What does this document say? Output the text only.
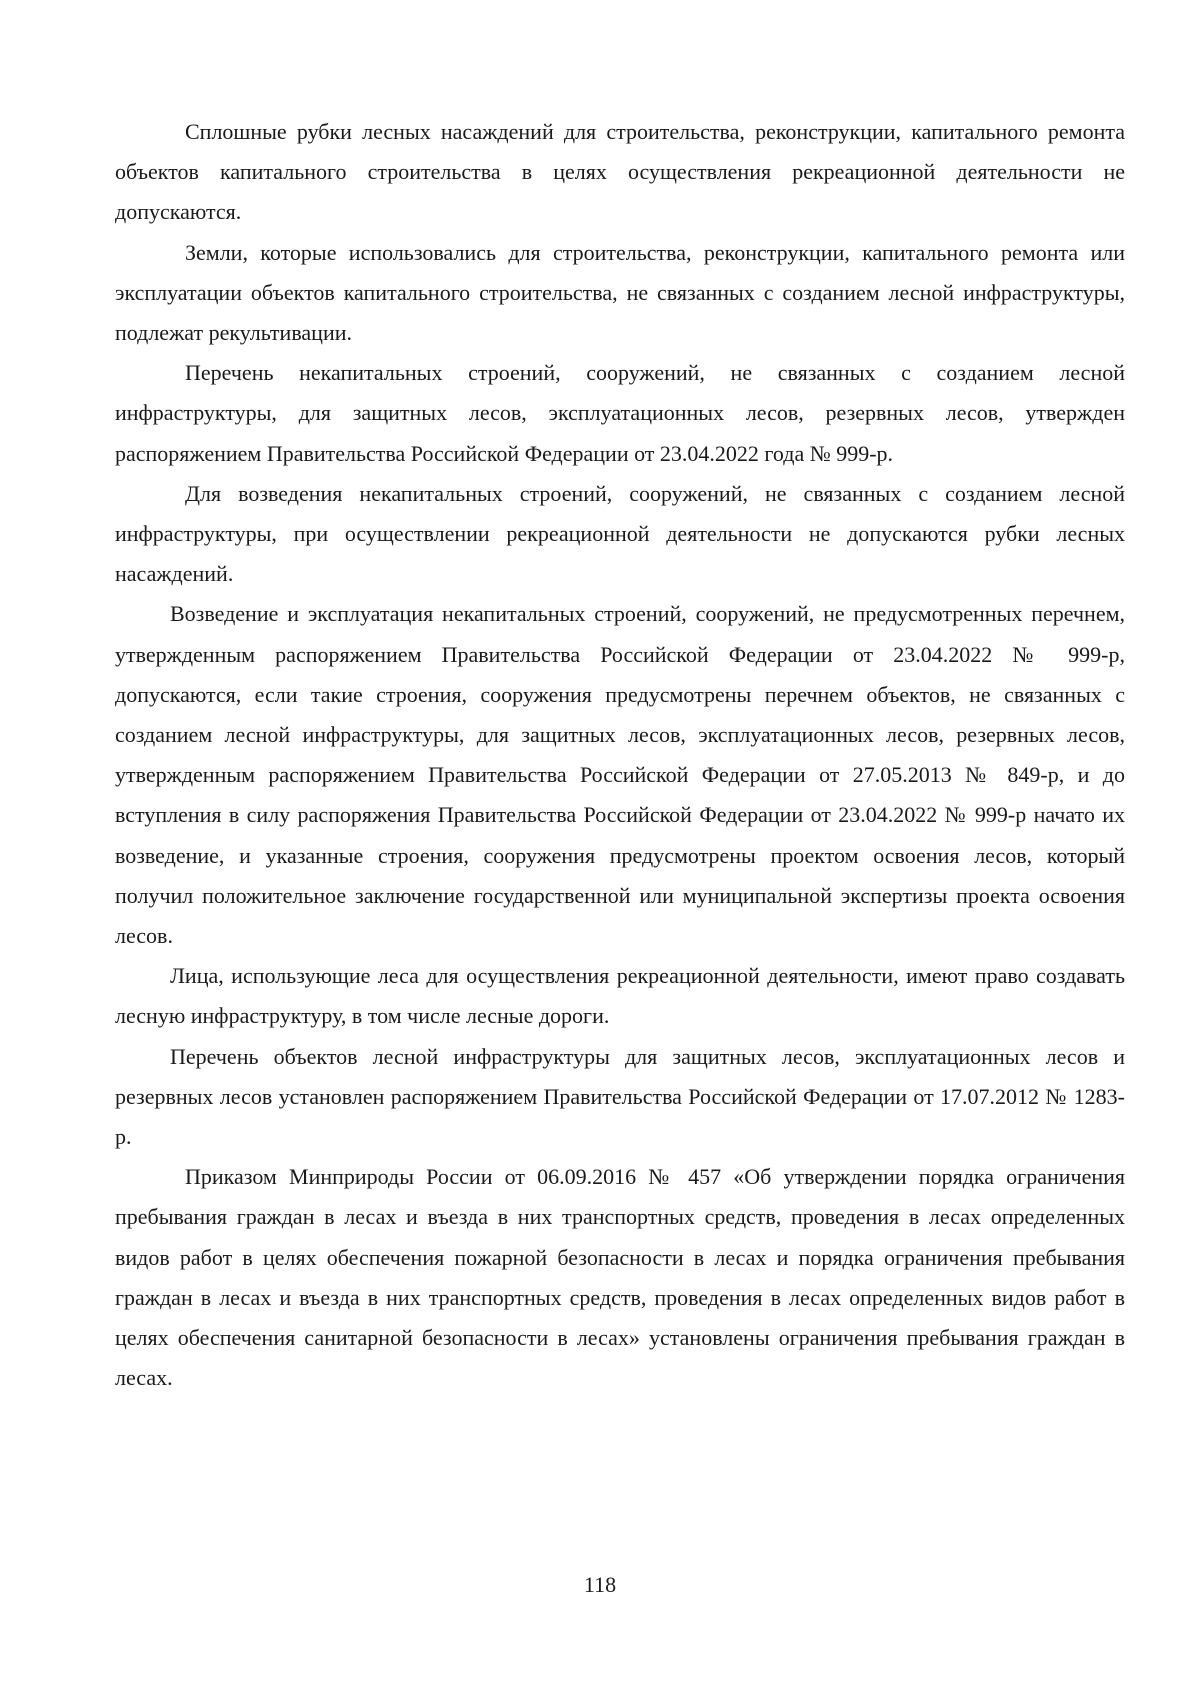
Сплошные рубки лесных насаждений для строительства, реконструкции, капитального ремонта объектов капитального строительства в целях осуществления рекреационной деятельности не допускаются.

Земли, которые использовались для строительства, реконструкции, капитального ремонта или эксплуатации объектов капитального строительства, не связанных с созданием лесной инфраструктуры, подлежат рекультивации.

Перечень некапитальных строений, сооружений, не связанных с созданием лесной инфраструктуры, для защитных лесов, эксплуатационных лесов, резервных лесов, утвержден распоряжением Правительства Российской Федерации от 23.04.2022 года № 999-р.

Для возведения некапитальных строений, сооружений, не связанных с созданием лесной инфраструктуры, при осуществлении рекреационной деятельности не допускаются рубки лесных насаждений.

Возведение и эксплуатация некапитальных строений, сооружений, не предусмотренных перечнем, утвержденным распоряжением Правительства Российской Федерации от 23.04.2022 № 999-р, допускаются, если такие строения, сооружения предусмотрены перечнем объектов, не связанных с созданием лесной инфраструктуры, для защитных лесов, эксплуатационных лесов, резервных лесов, утвержденным распоряжением Правительства Российской Федерации от 27.05.2013 № 849-р, и до вступления в силу распоряжения Правительства Российской Федерации от 23.04.2022 № 999-р начато их возведение, и указанные строения, сооружения предусмотрены проектом освоения лесов, который получил положительное заключение государственной или муниципальной экспертизы проекта освоения лесов.

Лица, использующие леса для осуществления рекреационной деятельности, имеют право создавать лесную инфраструктуру, в том числе лесные дороги.

Перечень объектов лесной инфраструктуры для защитных лесов, эксплуатационных лесов и резервных лесов установлен распоряжением Правительства Российской Федерации от 17.07.2012 № 1283-р.

Приказом Минприроды России от 06.09.2016 № 457 «Об утверждении порядка ограничения пребывания граждан в лесах и въезда в них транспортных средств, проведения в лесах определенных видов работ в целях обеспечения пожарной безопасности в лесах и порядка ограничения пребывания граждан в лесах и въезда в них транспортных средств, проведения в лесах определенных видов работ в целях обеспечения санитарной безопасности в лесах» установлены ограничения пребывания граждан в лесах.

118
